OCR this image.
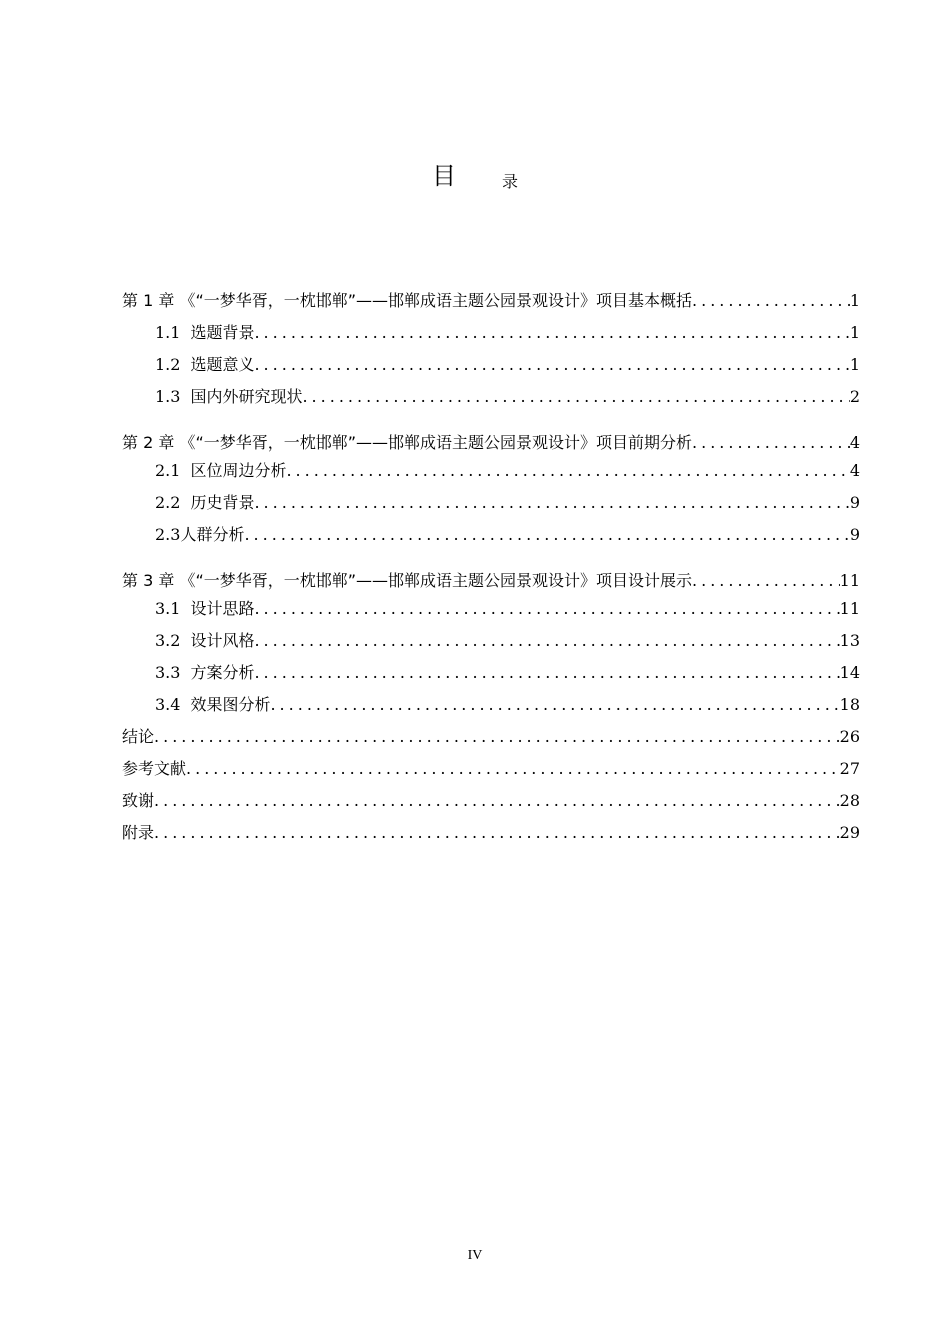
目	录
第 1 章 《“一梦华胥，一枕邯郸”——邯郸成语主题公园景观设计》项目基本概括 .....	1
1.1 选题背景 .....	1
1.2 选题意义 .....	1
1.3 国内外研究现状 .....	2
第 2 章 《“一梦华胥，一枕邯郸”——邯郸成语主题公园景观设计》项目前期分析 .....	4
2.1 区位周边分析 .....	4
2.2 历史背景 .....	9
2.3 人群分析 .....	9
第 3 章 《“一梦华胥，一枕邯郸”——邯郸成语主题公园景观设计》项目设计展示 .....	11
3.1 设计思路 .....	11
3.2 设计风格 .....	13
3.3 方案分析 .....	14
3.4 效果图分析 .....	18
结论 .....	26
参考文献 .....	27
致谢 .....	28
附录 .....	29
IV
